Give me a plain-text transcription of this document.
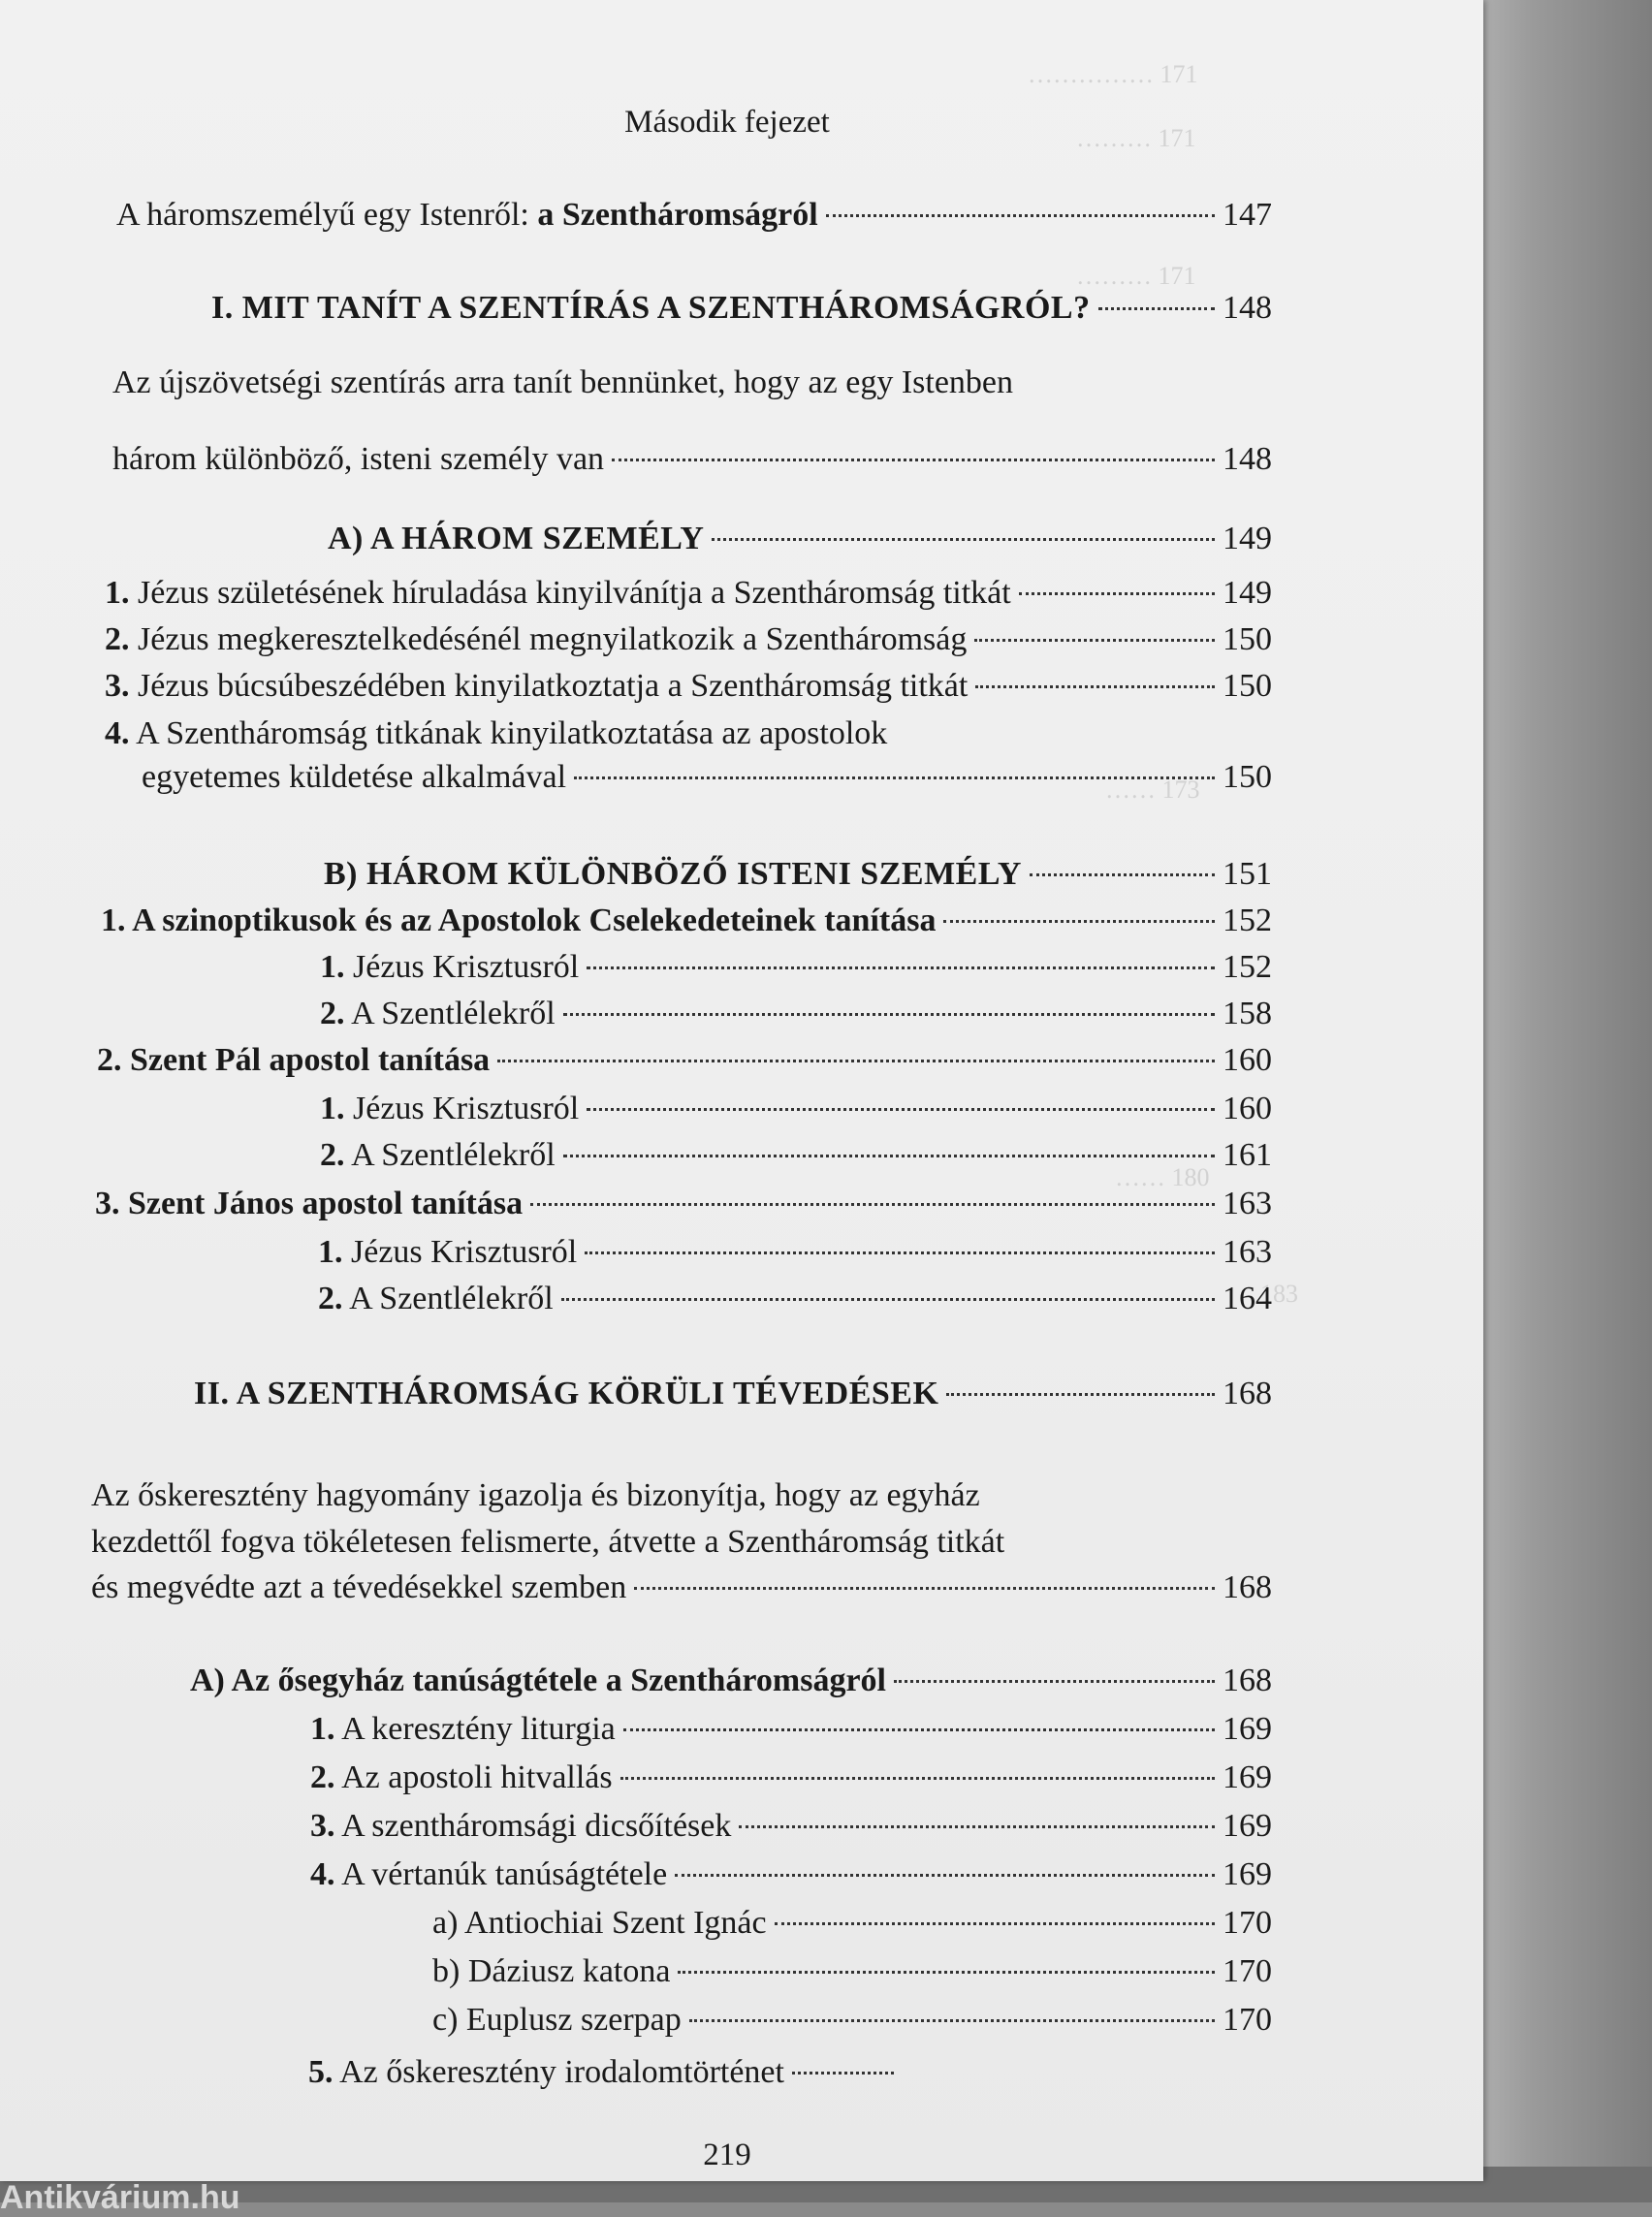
…………… 171
……… 171
……… 171
…… 173
…… 180
183
Második fejezet
A háromszemélyű egy Istenről: a Szentháromságról	147
I. MIT TANÍT A SZENTÍRÁS A SZENTHÁROMSÁGRÓL?	148
Az újszövetségi szentírás arra tanít bennünket, hogy az egy Istenben
három különböző, isteni személy van	148
A) A HÁROM SZEMÉLY	149
1. Jézus születésének híruladása kinyilvánítja a Szentháromság titkát	149
2. Jézus megkeresztelkedésénél megnyilatkozik a Szentháromság	150
3. Jézus búcsúbeszédében kinyilatkoztatja a Szentháromság titkát	150
4. A Szentháromság titkának kinyilatkoztatása az apostolok
egyetemes küldetése alkalmával	150
B) HÁROM KÜLÖNBÖZŐ ISTENI SZEMÉLY	151
1. A szinoptikusok és az Apostolok Cselekedeteinek tanítása	152
1. Jézus Krisztusról	152
2. A Szentlélekről	158
2. Szent Pál apostol tanítása	160
1. Jézus Krisztusról	160
2. A Szentlélekről	161
3. Szent János apostol tanítása	163
1. Jézus Krisztusról	163
2. A Szentlélekről	164
II. A SZENTHÁROMSÁG KÖRÜLI TÉVEDÉSEK	168
Az őskeresztény hagyomány igazolja és bizonyítja, hogy az egyház
kezdettől fogva tökéletesen felismerte, átvette a Szentháromság titkát
és megvédte azt a tévedésekkel szemben	168
A) Az ősegyház tanúságtétele a Szentháromságról	168
1. A keresztény liturgia	169
2. Az apostoli hitvallás	169
3. A szentháromsági dicsőítések	169
4. A vértanúk tanúságtétele	169
a) Antiochiai Szent Ignác	170
b) Dáziusz katona	170
c) Euplusz szerpap	170
5. Az őskeresztény irodalomtörténet
219
Antikvárium.hu
